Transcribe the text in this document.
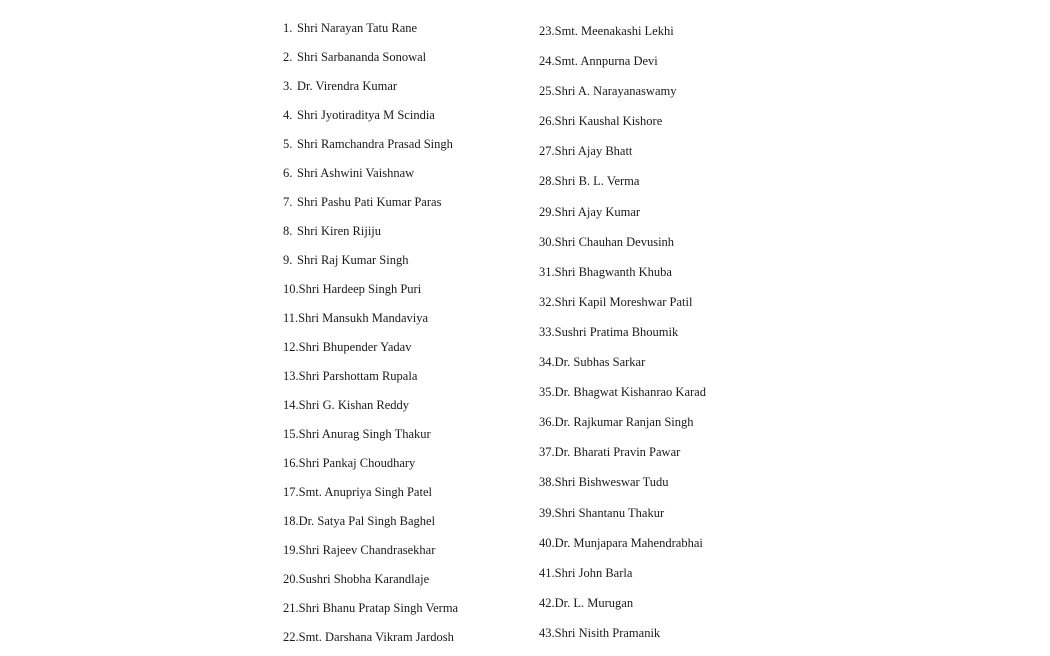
1. Shri Narayan Tatu Rane
2. Shri Sarbananda Sonowal
3. Dr. Virendra Kumar
4. Shri Jyotiraditya M Scindia
5. Shri Ramchandra Prasad Singh
6. Shri Ashwini Vaishnaw
7. Shri Pashu Pati Kumar Paras
8. Shri Kiren Rijiju
9. Shri Raj Kumar Singh
10.Shri Hardeep Singh Puri
11.Shri Mansukh Mandaviya
12.Shri Bhupender Yadav
13.Shri Parshottam Rupala
14.Shri G. Kishan Reddy
15.Shri Anurag Singh Thakur
16.Shri Pankaj Choudhary
17.Smt. Anupriya Singh Patel
18.Dr. Satya Pal Singh Baghel
19.Shri Rajeev Chandrasekhar
20.Sushri Shobha Karandlaje
21.Shri Bhanu Pratap Singh Verma
22.Smt. Darshana Vikram Jardosh
23.Smt. Meenakashi Lekhi
24.Smt. Annpurna Devi
25.Shri A. Narayanaswamy
26.Shri Kaushal Kishore
27.Shri Ajay Bhatt
28.Shri B. L. Verma
29.Shri Ajay Kumar
30.Shri Chauhan Devusinh
31.Shri Bhagwanth Khuba
32.Shri Kapil Moreshwar Patil
33.Sushri Pratima Bhoumik
34.Dr. Subhas Sarkar
35.Dr. Bhagwat Kishanrao Karad
36.Dr. Rajkumar Ranjan Singh
37.Dr. Bharati Pravin Pawar
38.Shri Bishweswar Tudu
39.Shri Shantanu Thakur
40.Dr. Munjapara Mahendrabhai
41.Shri John Barla
42.Dr. L. Murugan
43.Shri Nisith Pramanik
